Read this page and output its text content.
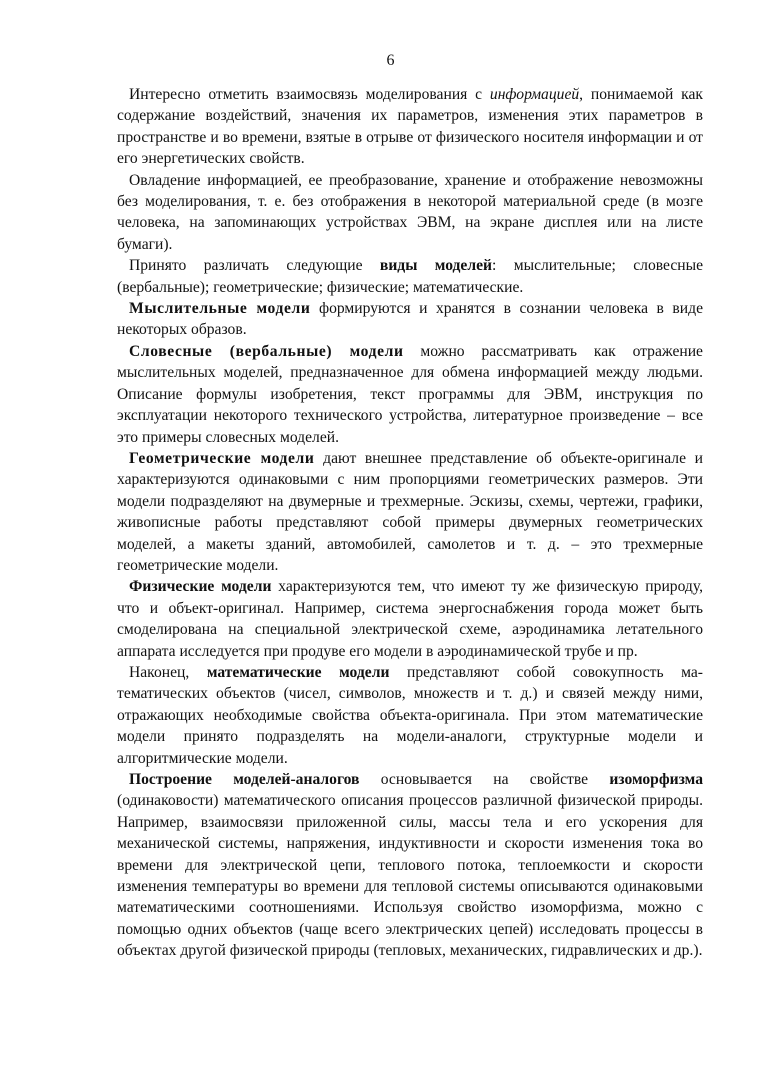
6

Интересно отметить взаимосвязь моделирования с информацией, понимаемой как содержание воздействий, значения их параметров, изменения этих параметров в пространстве и во времени, взятые в отрыве от физического носителя информации и от его энергетических свойств.

Овладение информацией, ее преобразование, хранение и отображение невозможны без моделирования, т. е. без отображения в некоторой материальной среде (в мозге человека, на запоминающих устройствах ЭВМ, на экране дисплея или на листе бумаги).

Принято различать следующие виды моделей: мыслительные; словесные (вербальные); геометрические; физические; математические.

Мыслительные модели формируются и хранятся в сознании человека в виде некоторых образов.

Словесные (вербальные) модели можно рассматривать как отражение мыслительных моделей, предназначенное для обмена информацией между людьми. Описание формулы изобретения, текст программы для ЭВМ, инструкция по эксплуатации некоторого технического устройства, литературное произведение – все это примеры словесных моделей.

Геометрические модели дают внешнее представление об объекте-оригинале и характеризуются одинаковыми с ним пропорциями геометрических размеров. Эти модели подразделяют на двумерные и трехмерные. Эскизы, схемы, чертежи, графики, живописные работы представляют собой примеры двумерных геометрических моделей, а макеты зданий, автомобилей, самолетов и т. д. – это трехмерные геометрические модели.

Физические модели характеризуются тем, что имеют ту же физическую природу, что и объект-оригинал. Например, система энергоснабжения города может быть смоделирована на специальной электрической схеме, аэродинамика летательного аппарата исследуется при продуве его модели в аэродинамической трубе и пр.

Наконец, математические модели представляют собой совокупность математических объектов (чисел, символов, множеств и т. д.) и связей между ними, отражающих необходимые свойства объекта-оригинала. При этом математические модели принято подразделять на модели-аналоги, структурные модели и алгоритмические модели.

Построение моделей-аналогов основывается на свойстве изоморфизма (одинаковости) математического описания процессов различной физической природы. Например, взаимосвязи приложенной силы, массы тела и его ускорения для механической системы, напряжения, индуктивности и скорости изменения тока во времени для электрической цепи, теплового потока, теплоемкости и скорости изменения температуры во времени для тепловой системы описываются одинаковыми математическими соотношениями. Используя свойство изоморфизма, можно с помощью одних объектов (чаще всего электрических цепей) исследовать процессы в объектах другой физической природы (тепловых, механических, гидравлических и др.).
